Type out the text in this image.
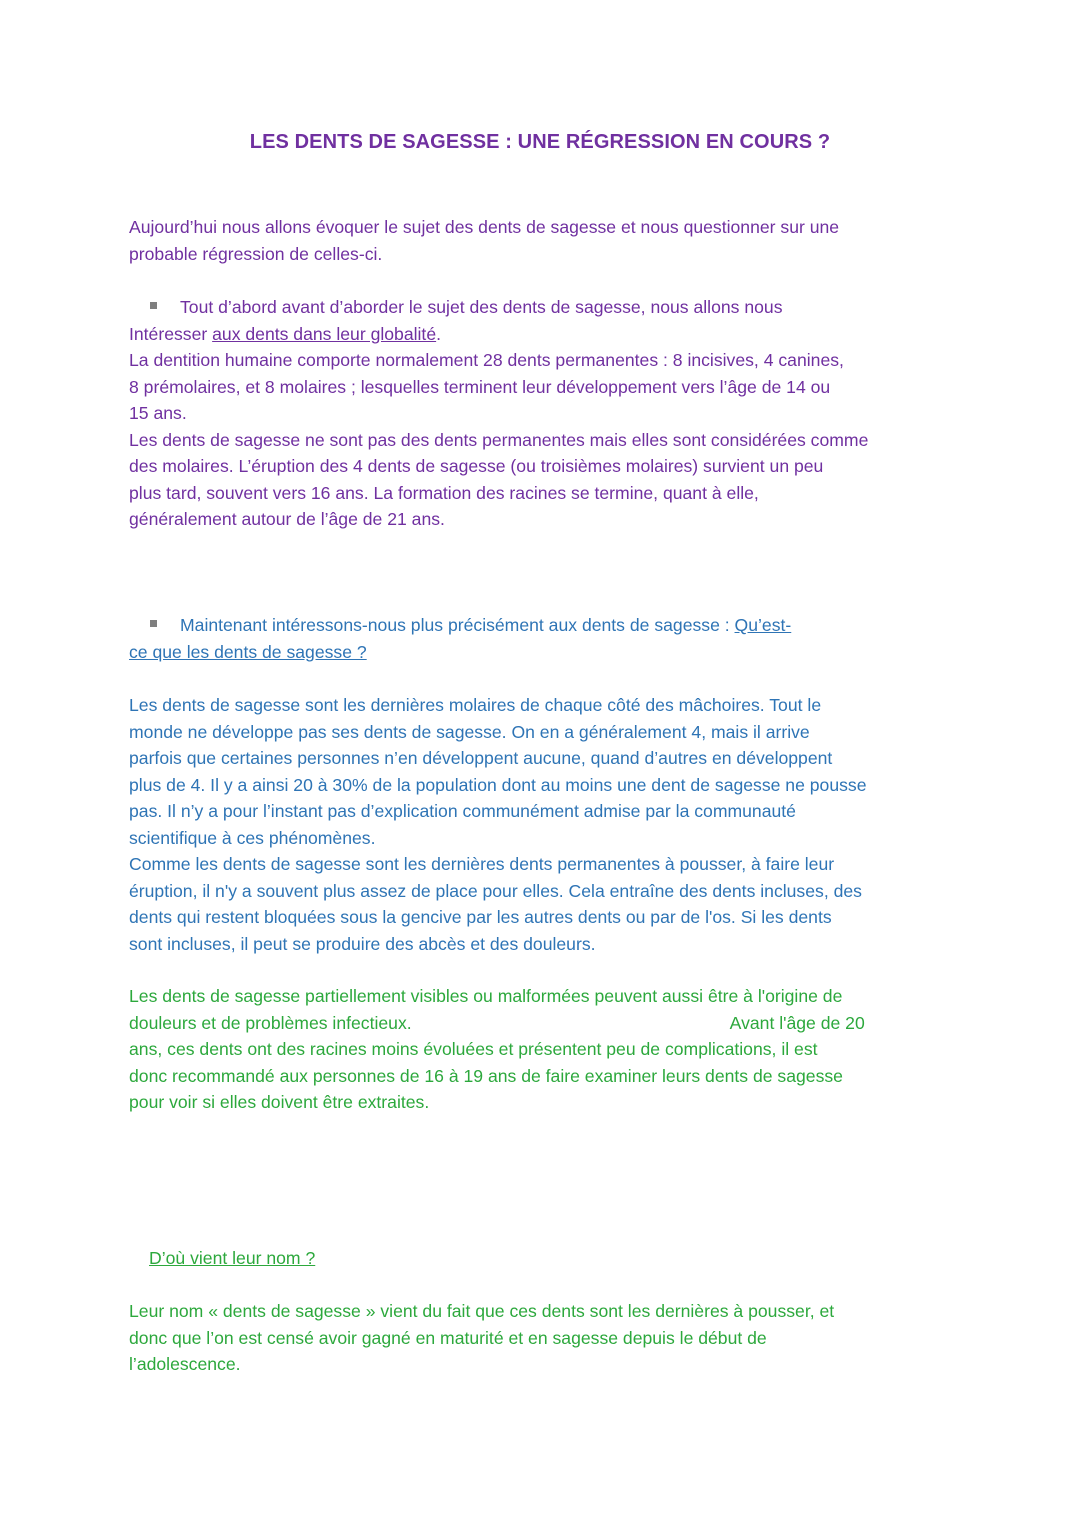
LES DENTS DE SAGESSE : UNE RÉGRESSION EN COURS ?
Aujourd’hui nous allons évoquer le sujet des dents de sagesse et nous questionner sur une
probable régression de celles-ci.
Tout d’abord avant d’aborder le sujet des dents de sagesse, nous allons nous
Intéresser aux dents dans leur globalité.
La dentition humaine comporte normalement 28 dents permanentes : 8 incisives, 4 canines,
8 prémolaires, et 8 molaires ; lesquelles terminent leur développement vers l’âge de 14 ou
15 ans.
Les dents de sagesse ne sont pas des dents permanentes mais elles sont considérées comme
des molaires. L’éruption des 4 dents de sagesse (ou troisièmes molaires) survient un peu
plus tard, souvent vers 16 ans. La formation des racines se termine, quant à elle,
généralement autour de l’âge de 21 ans.
Maintenant intéressons-nous plus précisément aux dents de sagesse : Qu’est-
ce que les dents de sagesse ?
Les dents de sagesse sont les dernières molaires de chaque côté des mâchoires. Tout le
monde ne développe pas ses dents de sagesse. On en a généralement 4, mais il arrive
parfois que certaines personnes n’en développent aucune, quand d’autres en développent
plus de 4. Il y a ainsi 20 à 30% de la population dont au moins une dent de sagesse ne pousse
pas. Il n’y a pour l’instant pas d’explication communément admise par la communauté
scientifique à ces phénomènes.
Comme les dents de sagesse sont les dernières dents permanentes à pousser, à faire leur
éruption, il n'y a souvent plus assez de place pour elles. Cela entraîne des dents incluses, des
dents qui restent bloquées sous la gencive par les autres dents ou par de l'os. Si les dents
sont incluses, il peut se produire des abcès et des douleurs.
Les dents de sagesse partiellement visibles ou malformées peuvent aussi être à l'origine de
douleurs et de problèmes infectieux.	Avant l'âge de 20
ans, ces dents ont des racines moins évoluées et présentent peu de complications, il est
donc recommandé aux personnes de 16 à 19 ans de faire examiner leurs dents de sagesse
pour voir si elles doivent être extraites.
D’où vient leur nom ?
Leur nom « dents de sagesse » vient du fait que ces dents sont les dernières à pousser, et
donc que l’on est censé avoir gagné en maturité et en sagesse depuis le début de
l’adolescence.
